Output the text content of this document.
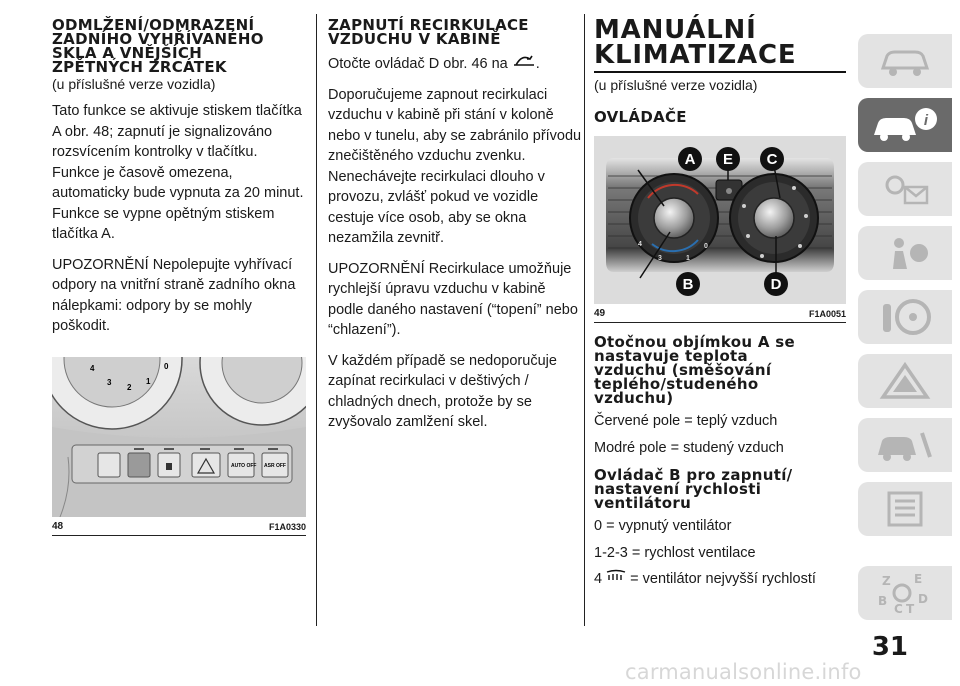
ODMLŽENÍ/ODMRAZENÍ
ZADNÍHO VYHŘÍVANÉHO
SKLA A VNĚJŠÍCH
ZPĚTNÝCH ZRCÁTEK
(u příslušné verze vozidla)

Tato funkce se aktivuje stiskem tlačítka A obr. 48; zapnutí je signalizováno rozsvícením kontrolky v tlačítku. Funkce je časově omezena, automaticky bude vypnuta za 20 minut. Funkce se vypne opětným stiskem tlačítka A.

UPOZORNĚNÍ Nepolepujte vyhřívací odpory na vnitřní straně zadního okna nálepkami: odpory by se mohly poškodit.

4
3
2
1
0
AUTO OFF ASR OFF
48	F1A0330
ZAPNUTÍ RECIRKULACE
VZDUCHU V KABINĚ

Otočte ovládač D obr. 46 na .

Doporučujeme zapnout recirkulaci vzduchu v kabině při stání v koloně nebo v tunelu, aby se zabránilo přívodu znečištěného vzduchu zvenku. Nenechávejte recirkulaci dlouho v provozu, zvlášť pokud ve vozidle cestuje více osob, aby se okna nezamžila zevnitř.

UPOZORNĚNÍ Recirkulace umožňuje rychlejší úpravu vzduchu v kabině podle daného nastavení (“topení” nebo “chlazení”).

V každém případě se nedoporučuje zapínat recirkulaci v deštivých / chladných dnech, protože by se zvyšovalo zamlžení skel.

MANUÁLNÍ
KLIMATIZACE
(u příslušné verze vozidla)
OVLÁDAČE
4
3	1
0
A E C
B	D
49	F1A0051
Otočnou objímkou A se
nastavuje teplota
vzduchu (směšování
teplého/studeného
vzduchu)

Červené pole = teplý vzduch

Modré pole = studený vzduch

Ovládač B pro zapnutí/
nastavení rychlosti
ventilátoru

0 = vypnutý ventilátor

1-2-3 = rychlost ventilace

4 = ventilátor nejvyšší rychlostí

i
Z E
B	D
C T
31
carmanualsonline.info
